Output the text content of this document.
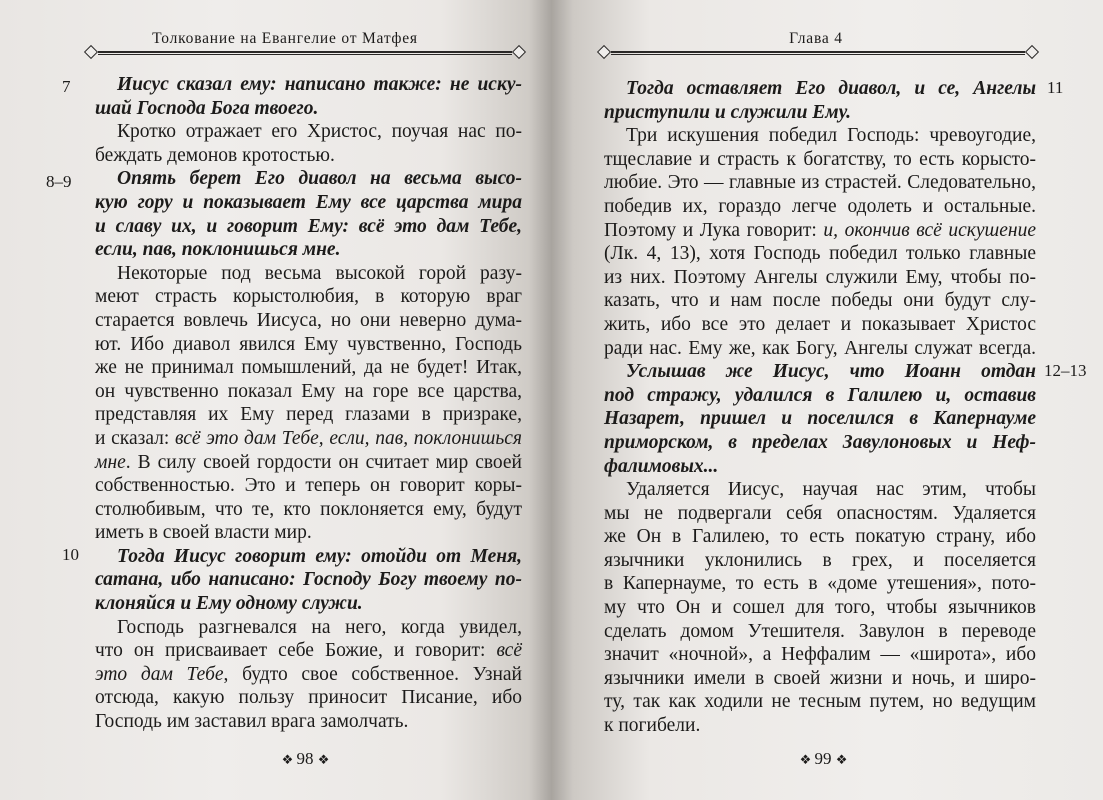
Толкование на Евангелие от Матфея
7
8–9
10
Иисус сказал ему: написано также: не иску-
шай Господа Бога твоего.
Кротко отражает его Христос, поучая нас по-
беждать демонов кротостью.
Опять берет Его диавол на весьма высо-
кую гору и показывает Ему все царства мира
и славу их, и говорит Ему: всё это дам Тебе,
если, пав, поклонишься мне.
Некоторые под весьма высокой горой разу-
меют страсть корыстолюбия, в которую враг
старается вовлечь Иисуса, но они неверно дума-
ют. Ибо диавол явился Ему чувственно, Господь
же не принимал помышлений, да не будет! Итак,
он чувственно показал Ему на горе все царства,
представляя их Ему перед глазами в призраке,
и сказал: всё это дам Тебе, если, пав, поклонишься
мне. В силу своей гордости он считает мир своей
собственностью. Это и теперь он говорит коры-
столюбивым, что те, кто поклоняется ему, будут
иметь в своей власти мир.
Тогда Иисус говорит ему: отойди от Меня,
сатана, ибо написано: Господу Богу твоему по-
клоняйся и Ему одному служи.
Господь разгневался на него, когда увидел,
что он присваивает себе Божие, и говорит: всё
это дам Тебе, будто свое собственное. Узнай
отсюда, какую пользу приносит Писание, ибо
Господь им заставил врага замолчать.
❖ 98 ❖
Глава 4
11
12–13
Тогда оставляет Его диавол, и се, Ангелы
приступили и служили Ему.
Три искушения победил Господь: чревоугодие,
тщеславие и страсть к богатству, то есть корысто-
любие. Это — главные из страстей. Следовательно,
победив их, гораздо легче одолеть и остальные.
Поэтому и Лука говорит: и, окончив всё искушение
(Лк. 4, 13), хотя Господь победил только главные
из них. Поэтому Ангелы служили Ему, чтобы по-
казать, что и нам после победы они будут слу-
жить, ибо все это делает и показывает Христос
ради нас. Ему же, как Богу, Ангелы служат всегда.
Услышав же Иисус, что Иоанн отдан
под стражу, удалился в Галилею и, оставив
Назарет, пришел и поселился в Капернауме
приморском, в пределах Завулоновых и Неф-
фалимовых...
Удаляется Иисус, научая нас этим, чтобы
мы не подвергали себя опасностям. Удаляется
же Он в Галилею, то есть покатую страну, ибо
язычники уклонились в грех, и поселяется
в Капернауме, то есть в «доме утешения», пото-
му что Он и сошел для того, чтобы язычников
сделать домом Утешителя. Завулон в переводе
значит «ночной», а Неффалим — «широта», ибо
язычники имели в своей жизни и ночь, и широ-
ту, так как ходили не тесным путем, но ведущим
к погибели.
❖ 99 ❖
